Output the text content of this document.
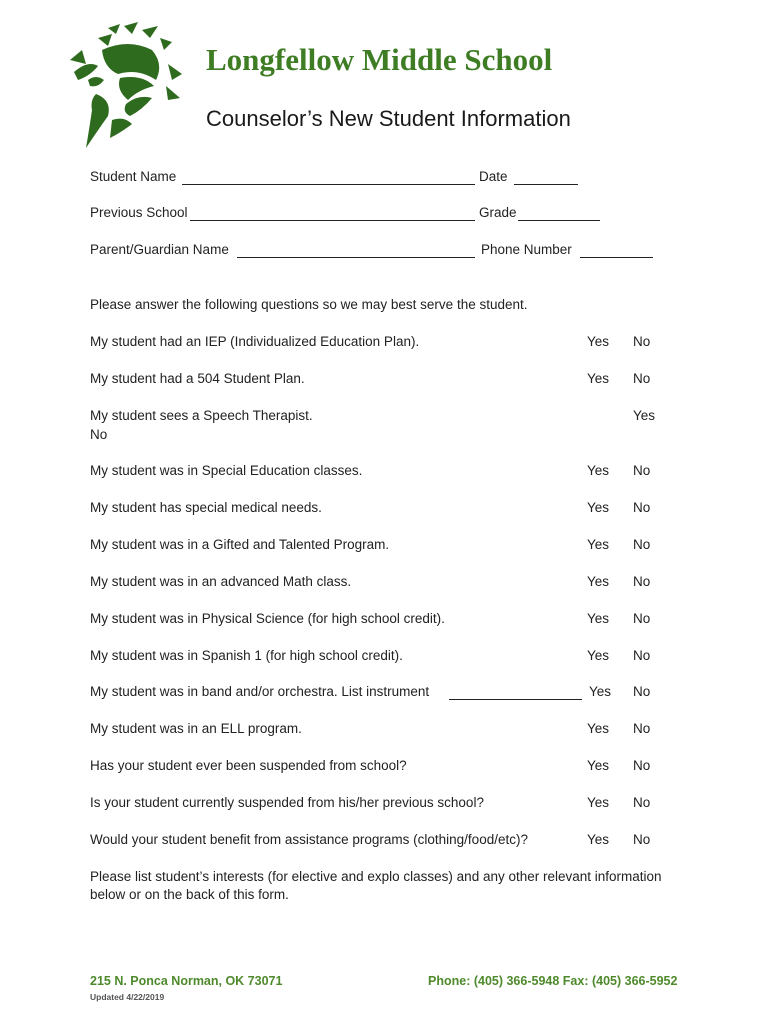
Longfellow Middle School
Counselor’s New Student Information
Student Name	Date
Previous School	Grade
Parent/Guardian Name	Phone Number
Please answer the following questions so we may best serve the student.
My student had an IEP (Individualized Education Plan).	Yes No
My student had a 504 Student Plan.	Yes No
My student sees a Speech Therapist.	Yes
No
My student was in Special Education classes.	Yes No
My student has special medical needs.	Yes No
My student was in a Gifted and Talented Program.	Yes No
My student was in an advanced Math class.	Yes No
My student was in Physical Science (for high school credit).	Yes No
My student was in Spanish 1 (for high school credit).	Yes No
My student was in band and/or orchestra. List instrument	Yes No
My student was in an ELL program.	Yes No
Has your student ever been suspended from school?	Yes No
Is your student currently suspended from his/her previous school?	Yes No
Would your student benefit from assistance programs (clothing/food/etc)?	Yes No
Please list student’s interests (for elective and explo classes) and any other relevant information
below or on the back of this form.
215 N. Ponca Norman, OK 73071	Phone: (405) 366-5948 Fax: (405) 366-5952
Updated 4/22/2019
